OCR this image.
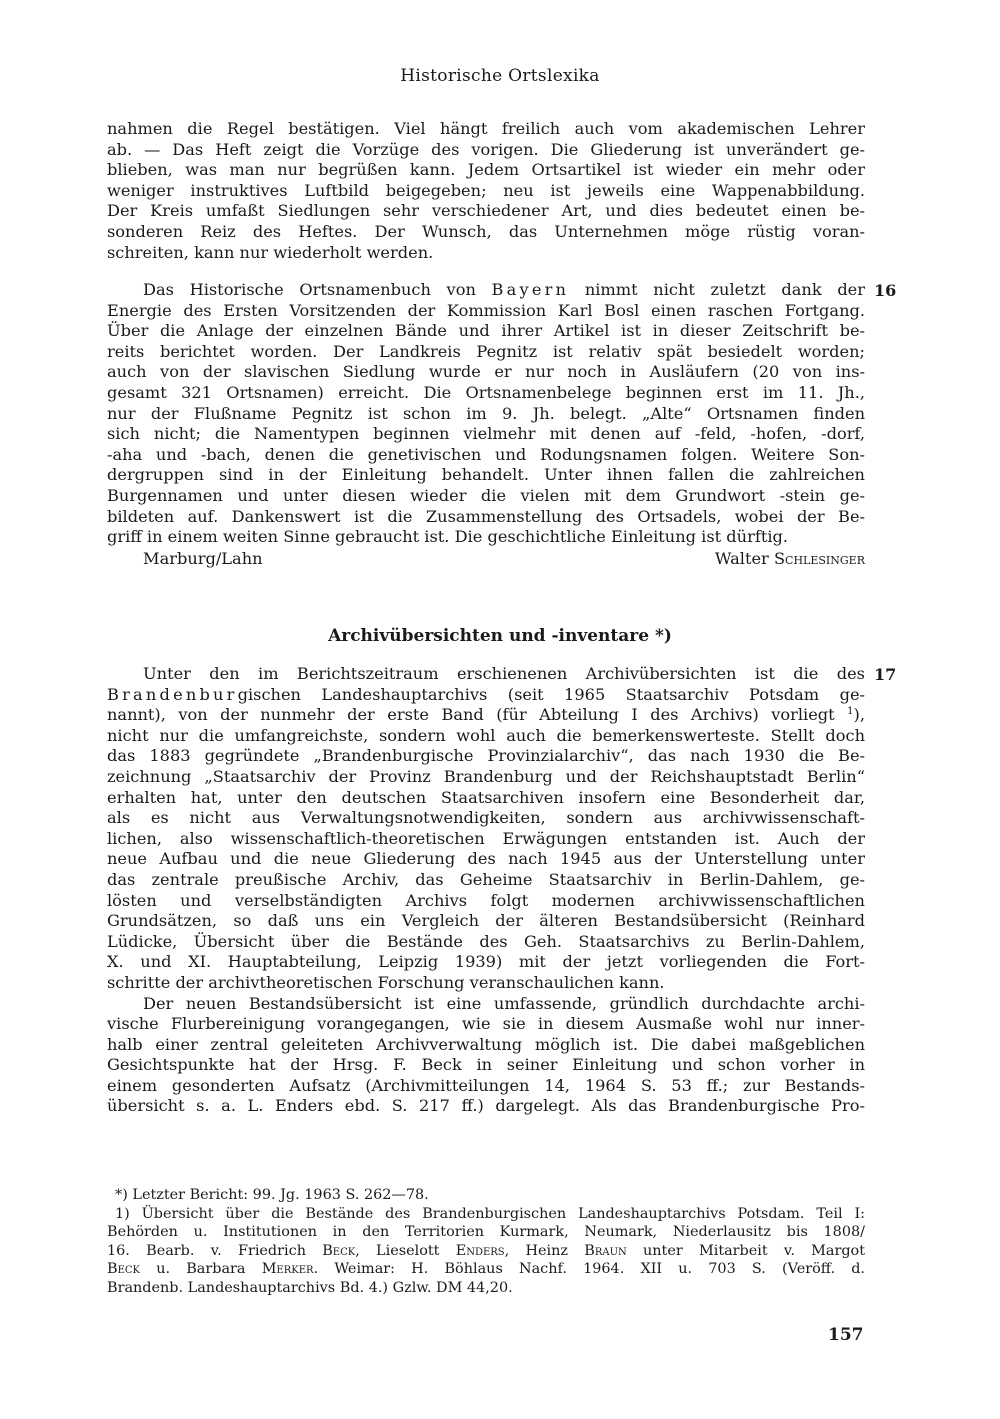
Historische Ortslexika
nahmen die Regel bestätigen. Viel hängt freilich auch vom akademischen Lehrer
ab. — Das Heft zeigt die Vorzüge des vorigen. Die Gliederung ist unverändert ge-
blieben, was man nur begrüßen kann. Jedem Ortsartikel ist wieder ein mehr oder
weniger instruktives Luftbild beigegeben; neu ist jeweils eine Wappenabbildung.
Der Kreis umfaßt Siedlungen sehr verschiedener Art, und dies bedeutet einen be-
sonderen Reiz des Heftes. Der Wunsch, das Unternehmen möge rüstig voran-
schreiten, kann nur wiederholt werden.
Das Historische Ortsnamenbuch von Bayern nimmt nicht zuletzt dank der
Energie des Ersten Vorsitzenden der Kommission Karl Bosl einen raschen Fortgang.
Über die Anlage der einzelnen Bände und ihrer Artikel ist in dieser Zeitschrift be-
reits berichtet worden. Der Landkreis Pegnitz ist relativ spät besiedelt worden;
auch von der slavischen Siedlung wurde er nur noch in Ausläufern (20 von ins-
gesamt 321 Ortsnamen) erreicht. Die Ortsnamenbelege beginnen erst im 11. Jh.,
nur der Flußname Pegnitz ist schon im 9. Jh. belegt. „Alte“ Ortsnamen finden
sich nicht; die Namentypen beginnen vielmehr mit denen auf -feld, -hofen, -dorf,
-aha und -bach, denen die genetivischen und Rodungsnamen folgen. Weitere Son-
dergruppen sind in der Einleitung behandelt. Unter ihnen fallen die zahlreichen
Burgennamen und unter diesen wieder die vielen mit dem Grundwort -stein ge-
bildeten auf. Dankenswert ist die Zusammenstellung des Ortsadels, wobei der Be-
griff in einem weiten Sinne gebraucht ist. Die geschichtliche Einleitung ist dürftig.
Marburg/Lahn	Walter Schlesinger
16
Archivübersichten und -inventare *)
Unter den im Berichtszeitraum erschienenen Archivübersichten ist die des
Brandenburgischen Landeshauptarchivs (seit 1965 Staatsarchiv Potsdam ge-
nannt), von der nunmehr der erste Band (für Abteilung I des Archivs) vorliegt $^1$),
nicht nur die umfangreichste, sondern wohl auch die bemerkenswerteste. Stellt doch
das 1883 gegründete „Brandenburgische Provinzialarchiv“, das nach 1930 die Be-
zeichnung „Staatsarchiv der Provinz Brandenburg und der Reichshauptstadt Berlin“
erhalten hat, unter den deutschen Staatsarchiven insofern eine Besonderheit dar,
als es nicht aus Verwaltungsnotwendigkeiten, sondern aus archivwissenschaft-
lichen, also wissenschaftlich-theoretischen Erwägungen entstanden ist. Auch der
neue Aufbau und die neue Gliederung des nach 1945 aus der Unterstellung unter
das zentrale preußische Archiv, das Geheime Staatsarchiv in Berlin-Dahlem, ge-
lösten und verselbständigten Archivs folgt modernen archivwissenschaftlichen
Grundsätzen, so daß uns ein Vergleich der älteren Bestandsübersicht (Reinhard
Lüdicke, Übersicht über die Bestände des Geh. Staatsarchivs zu Berlin-Dahlem,
X. und XI. Hauptabteilung, Leipzig 1939) mit der jetzt vorliegenden die Fort-
schritte der archivtheoretischen Forschung veranschaulichen kann.
Der neuen Bestandsübersicht ist eine umfassende, gründlich durchdachte archi-
vische Flurbereinigung vorangegangen, wie sie in diesem Ausmaße wohl nur inner-
halb einer zentral geleiteten Archivverwaltung möglich ist. Die dabei maßgeblichen
Gesichtspunkte hat der Hrsg. F. Beck in seiner Einleitung und schon vorher in
einem gesonderten Aufsatz (Archivmitteilungen 14, 1964 S. 53 ff.; zur Bestands-
übersicht s. a. L. Enders ebd. S. 217 ff.) dargelegt. Als das Brandenburgische Pro-
17
*) Letzter Bericht: 99. Jg. 1963 S. 262—78.
1) Übersicht über die Bestände des Brandenburgischen Landeshauptarchivs Potsdam. Teil I:
Behörden u. Institutionen in den Territorien Kurmark, Neumark, Niederlausitz bis 1808/
16. Bearb. v. Friedrich Beck, Lieselott Enders, Heinz Braun unter Mitarbeit v. Margot
Beck u. Barbara Merker. Weimar: H. Böhlaus Nachf. 1964. XII u. 703 S. (Veröff. d.
Brandenb. Landeshauptarchivs Bd. 4.) Gzlw. DM 44,20.
157
